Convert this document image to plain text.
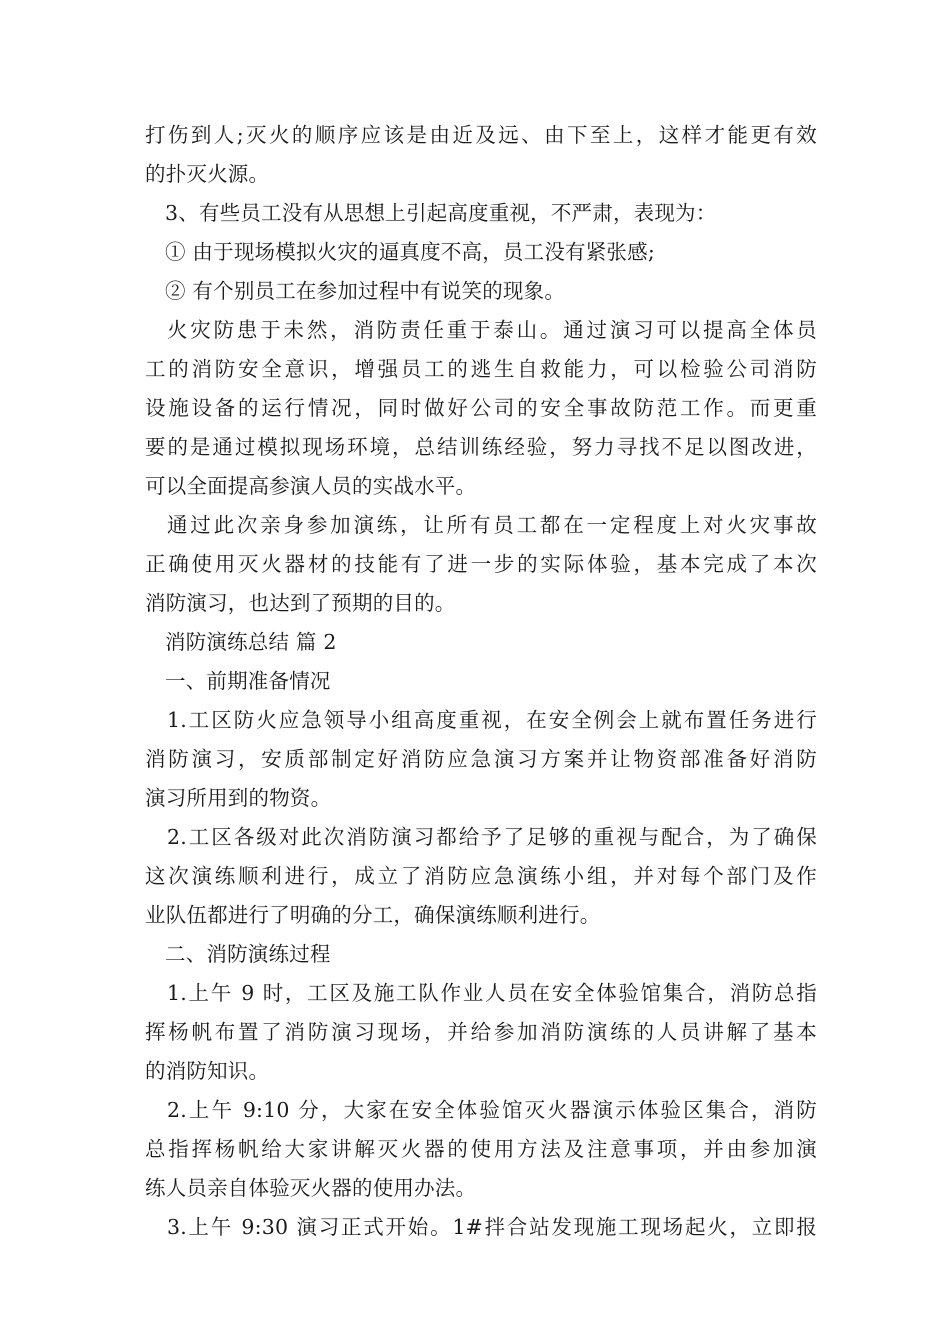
打伤到人;灭火的顺序应该是由近及远、由下至上，这样才能更有效
的扑灭火源。
3、有些员工没有从思想上引起高度重视，不严肃，表现为：
① 由于现场模拟火灾的逼真度不高，员工没有紧张感;
② 有个别员工在参加过程中有说笑的现象。
火灾防患于未然，消防责任重于泰山。通过演习可以提高全体员
工的消防安全意识，增强员工的逃生自救能力，可以检验公司消防
设施设备的运行情况，同时做好公司的安全事故防范工作。而更重
要的是通过模拟现场环境，总结训练经验，努力寻找不足以图改进，
可以全面提高参演人员的实战水平。
通过此次亲身参加演练，让所有员工都在一定程度上对火灾事故
正确使用灭火器材的技能有了进一步的实际体验，基本完成了本次
消防演习，也达到了预期的目的。
消防演练总结 篇 2
一、前期准备情况
1.工区防火应急领导小组高度重视，在安全例会上就布置任务进行
消防演习，安质部制定好消防应急演习方案并让物资部准备好消防
演习所用到的物资。
2.工区各级对此次消防演习都给予了足够的重视与配合，为了确保
这次演练顺利进行，成立了消防应急演练小组，并对每个部门及作
业队伍都进行了明确的分工，确保演练顺利进行。
二、消防演练过程
1.上午 9 时，工区及施工队作业人员在安全体验馆集合，消防总指
挥杨帆布置了消防演习现场，并给参加消防演练的人员讲解了基本
的消防知识。
2.上午 9:10 分，大家在安全体验馆灭火器演示体验区集合，消防
总指挥杨帆给大家讲解灭火器的使用方法及注意事项，并由参加演
练人员亲自体验灭火器的使用办法。
3.上午 9:30 演习正式开始。1#拌合站发现施工现场起火，立即报
